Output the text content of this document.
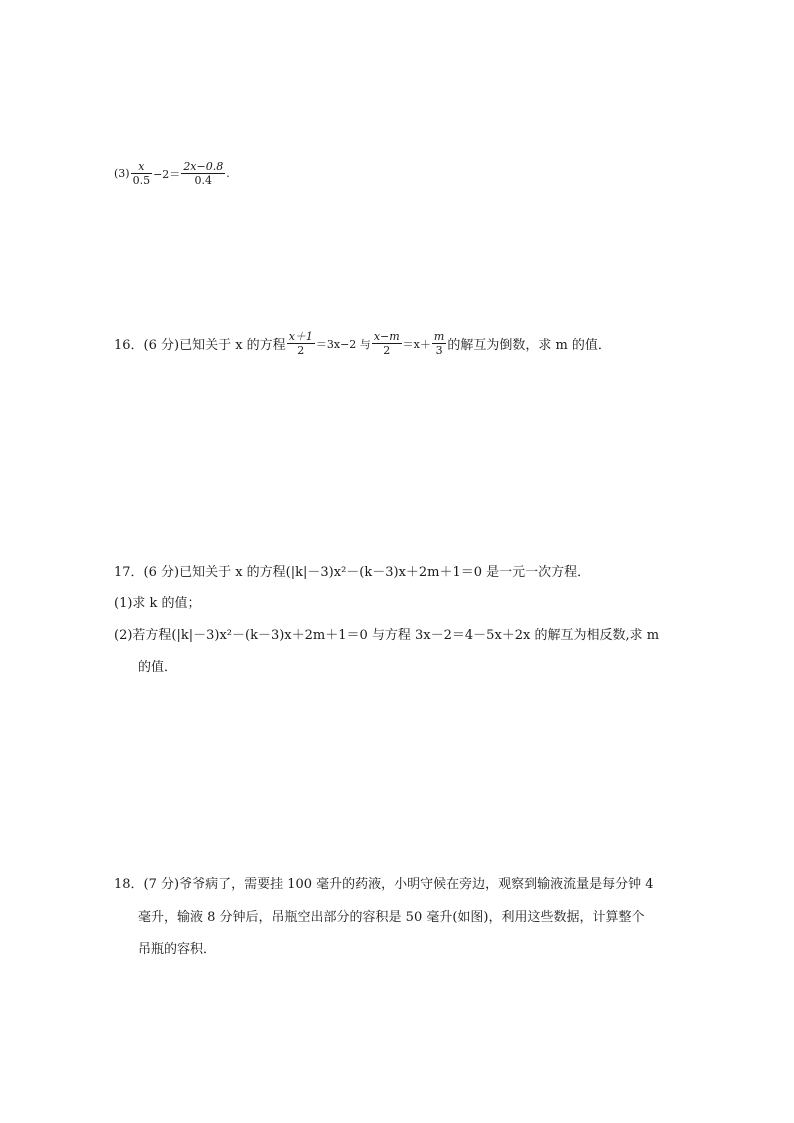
$(3) \frac{x}{0.5} -2= \frac{2x-0.8}{0.4}$ .
16．(6 分)已知关于 x 的方程 $\frac{x+1}{2} =3x-2$ 与 $\frac{x-m}{2} =x+ \frac{m}{3}$ 的解互为倒数，求 m 的值．
17．(6 分)已知关于 x 的方程(|k|－3)x²－(k－3)x＋2m＋1＝0 是一元一次方程．
(1)求 k 的值；
(2)若方程(|k|－3)x²－(k－3)x＋2m＋1＝0 与方程 3x－2＝4－5x＋2x 的解互为相反数,求 m
的值．
18．(7 分)爷爷病了，需要挂 100 毫升的药液，小明守候在旁边，观察到输液流量是每分钟 4
毫升，输液 8 分钟后，吊瓶空出部分的容积是 50 毫升(如图)，利用这些数据，计算整个
吊瓶的容积．
